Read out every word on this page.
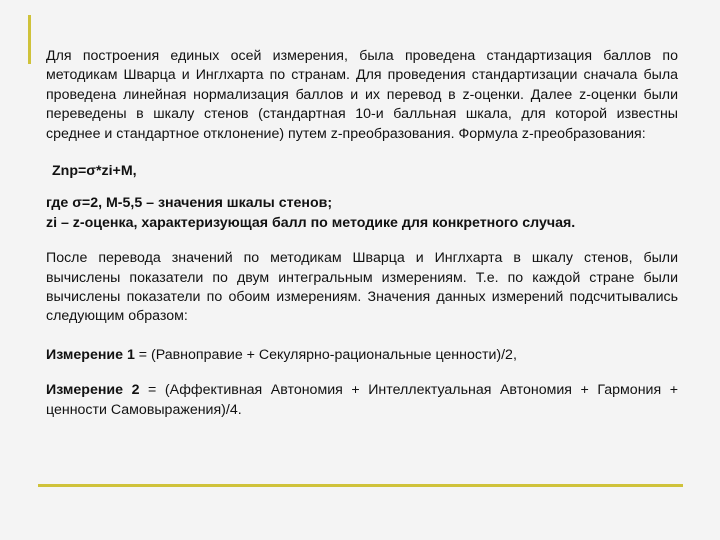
Для построения единых осей измерения, была проведена стандартизация баллов по методикам Шварца и Инглхарта по странам. Для проведения стандартизации сначала была проведена линейная нормализация баллов и их перевод в z-оценки. Далее z-оценки были переведены в шкалу стенов (стандартная 10-и балльная шкала, для которой известны среднее и стандартное отклонение) путем z-преобразования. Формула z-преобразования:

Znp=σ*zi+M,

где σ=2, М-5,5 – значения шкалы стенов;

zi – z-оценка, характеризующая балл по методике для конкретного случая.

После перевода значений по методикам Шварца и Инглхарта в шкалу стенов, были вычислены показатели по двум интегральным измерениям. Т.е. по каждой стране были вычислены показатели по обоим измерениям. Значения данных измерений подсчитывались следующим образом:

Измерение 1 = (Равноправие + Секулярно-рациональные ценности)/2,

Измерение 2 = (Аффективная Автономия + Интеллектуальная Автономия + Гармония + ценности Самовыражения)/4.
